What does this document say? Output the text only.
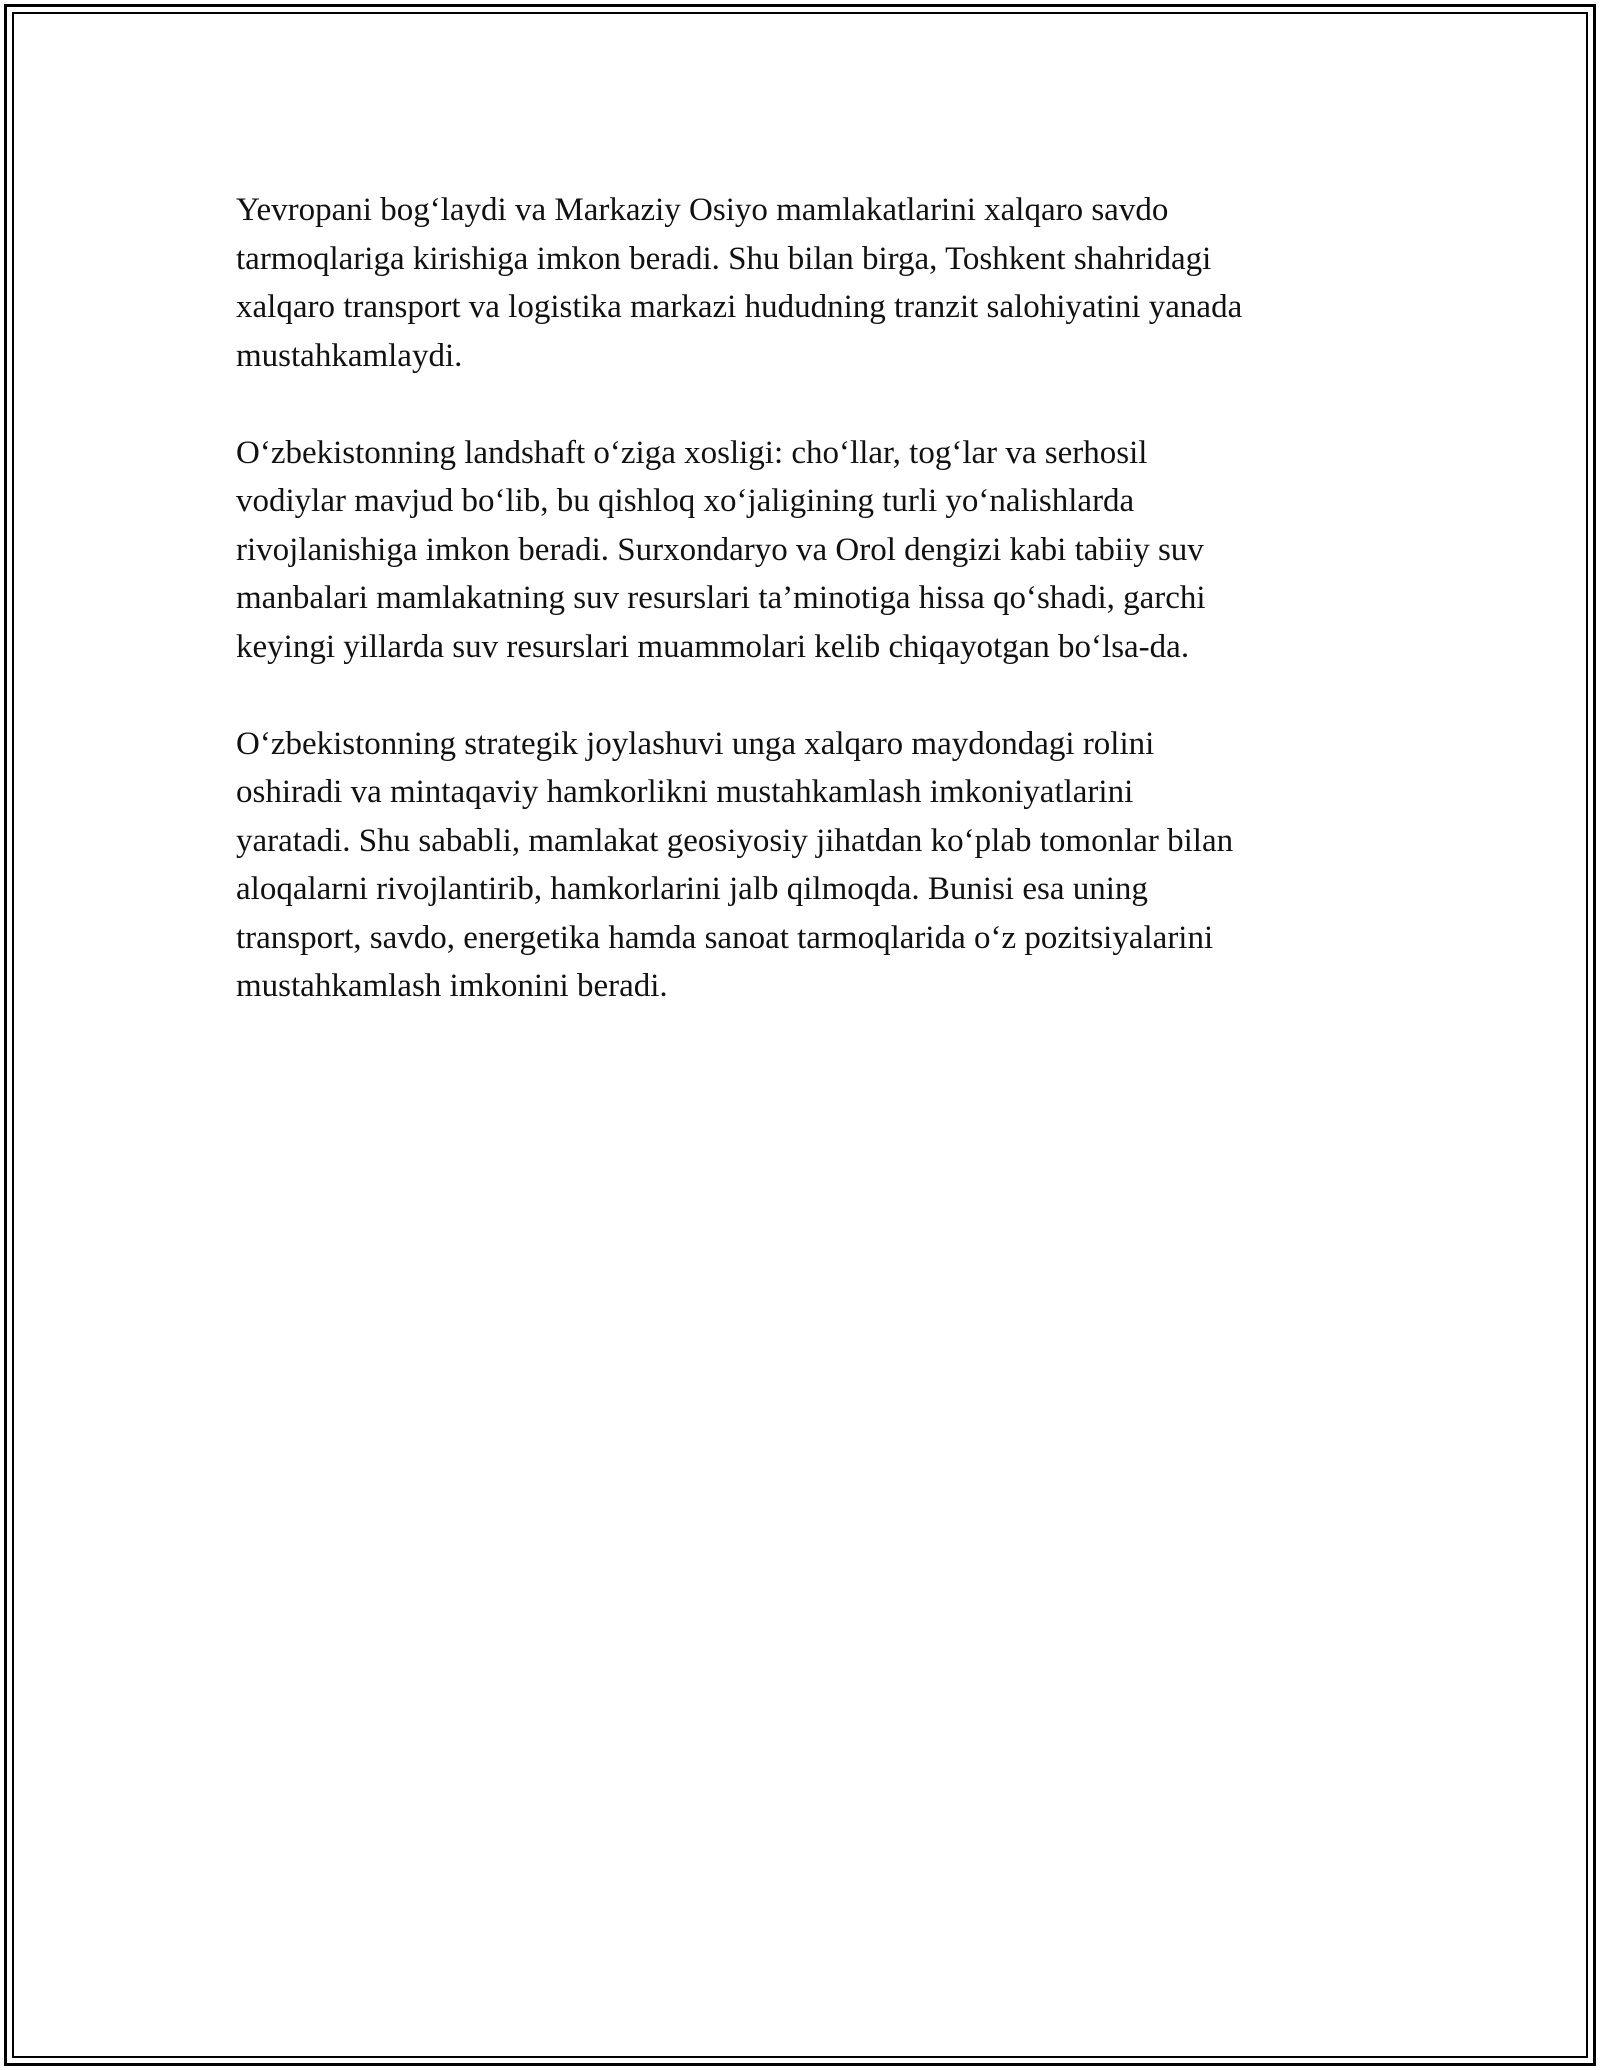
Yevropani bog‘laydi va Markaziy Osiyo mamlakatlarini xalqaro savdo
tarmoqlariga kirishiga imkon beradi. Shu bilan birga, Toshkent shahridagi
xalqaro transport va logistika markazi hududning tranzit salohiyatini yanada
mustahkamlaydi.

O‘zbekistonning landshaft o‘ziga xosligi: cho‘llar, tog‘lar va serhosil
vodiylar mavjud bo‘lib, bu qishloq xo‘jaligining turli yo‘nalishlarda
rivojlanishiga imkon beradi. Surxondaryo va Orol dengizi kabi tabiiy suv
manbalari mamlakatning suv resurslari ta’minotiga hissa qo‘shadi, garchi
keyingi yillarda suv resurslari muammolari kelib chiqayotgan bo‘lsa-da.

O‘zbekistonning strategik joylashuvi unga xalqaro maydondagi rolini
oshiradi va mintaqaviy hamkorlikni mustahkamlash imkoniyatlarini
yaratadi. Shu sababli, mamlakat geosiyosiy jihatdan ko‘plab tomonlar bilan
aloqalarni rivojlantirib, hamkorlarini jalb qilmoqda. Bunisi esa uning
transport, savdo, energetika hamda sanoat tarmoqlarida o‘z pozitsiyalarini
mustahkamlash imkonini beradi.
